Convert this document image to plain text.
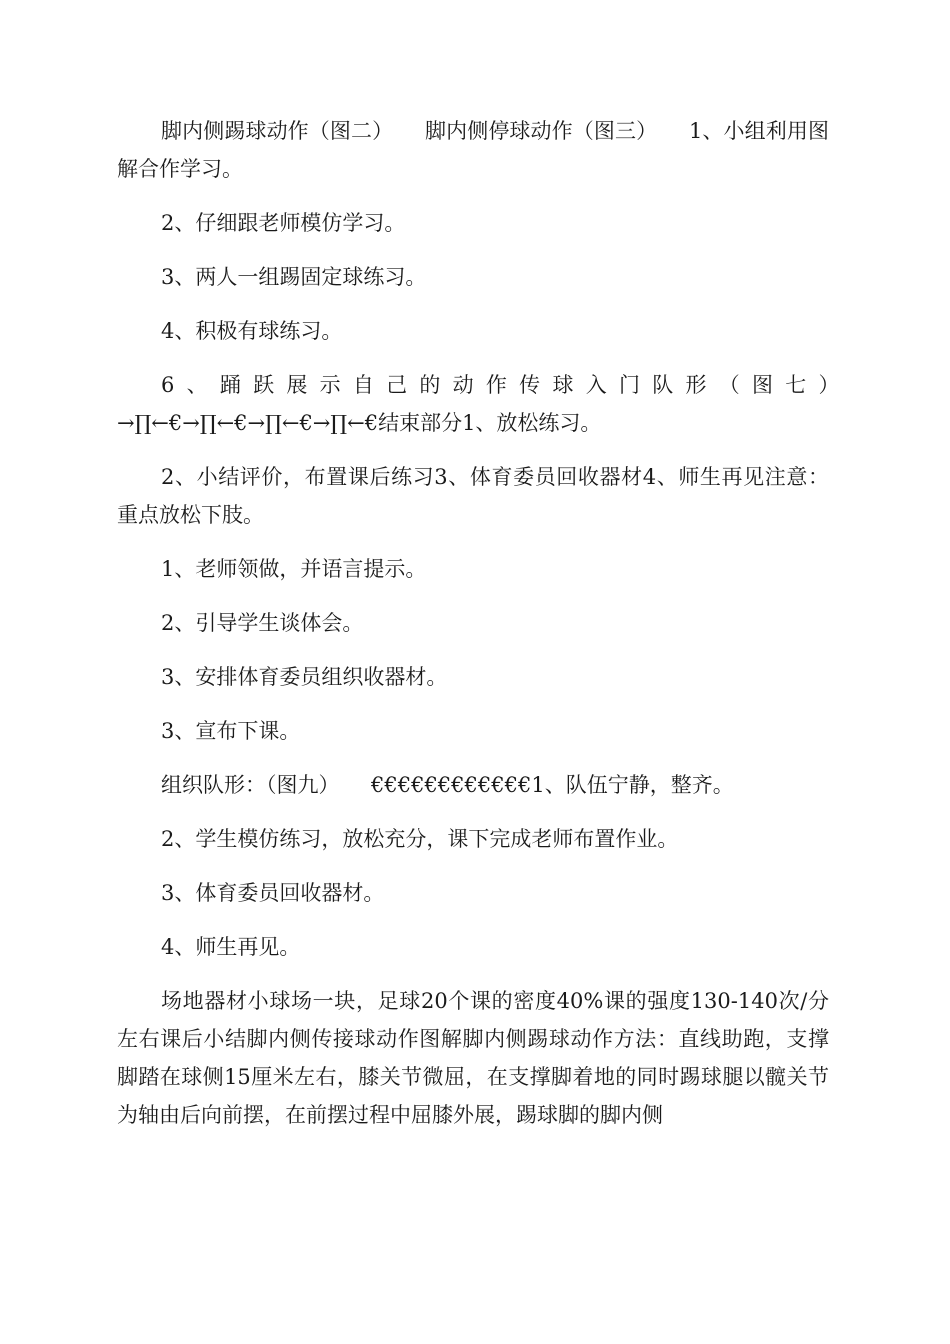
脚内侧踢球动作（图二）　　脚内侧停球动作（图三）　　1、小组利用图解合作学习。

2、仔细跟老师模仿学习。

3、两人一组踢固定球练习。

4、积极有球练习。

6、踊跃展示自己的动作传球入门队形（图七）　　→∏←€→∏←€→∏←€→∏←€结束部分1、放松练习。

2、小结评价，布置课后练习3、体育委员回收器材4、师生再见注意：重点放松下肢。

1、老师领做，并语言提示。

2、引导学生谈体会。

3、安排体育委员组织收器材。

3、宣布下课。

组织队形：（图九）　　€€€€€€€€€€€€1、队伍宁静，整齐。

2、学生模仿练习，放松充分，课下完成老师布置作业。

3、体育委员回收器材。

4、师生再见。

场地器材小球场一块，足球20个课的密度40%课的强度130-140次/分左右课后小结脚内侧传接球动作图解脚内侧踢球动作方法：直线助跑，支撑脚踏在球侧15厘米左右，膝关节微屈，在支撑脚着地的同时踢球腿以髋关节为轴由后向前摆，在前摆过程中屈膝外展，踢球脚的脚内侧
